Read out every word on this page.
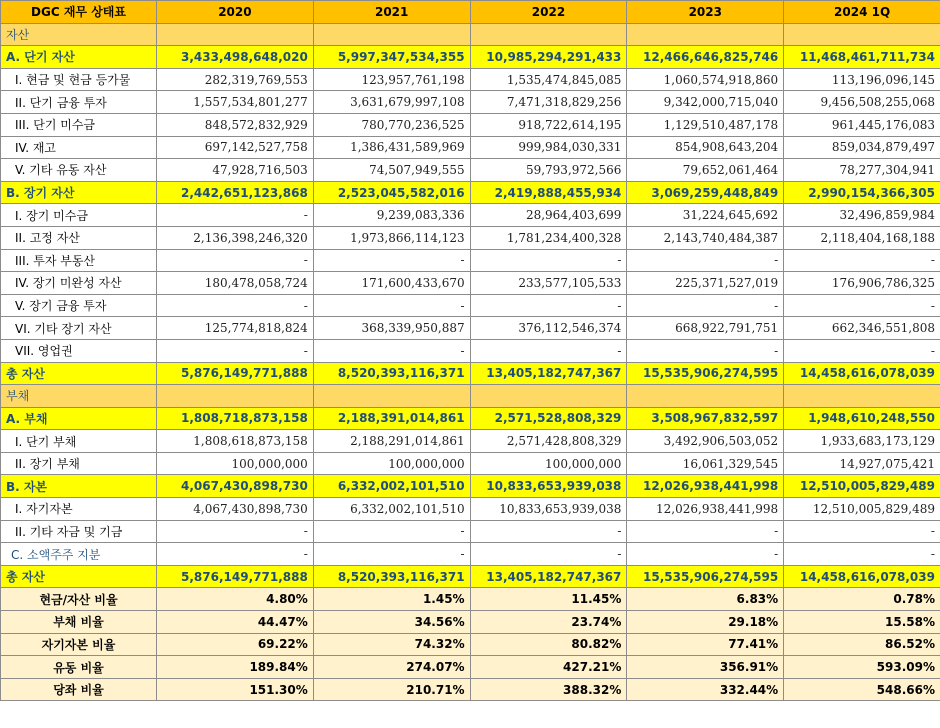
DGC 재무 상태표	2020	2021	2022	2023	2024 1Q
자산					
A. 단기 자산	3,433,498,648,020	5,997,347,534,355	10,985,294,291,433	12,466,646,825,746	11,468,461,711,734
I. 현금 및 현금 등가물	282,319,769,553	123,957,761,198	1,535,474,845,085	1,060,574,918,860	113,196,096,145
II. 단기 금융 투자	1,557,534,801,277	3,631,679,997,108	7,471,318,829,256	9,342,000,715,040	9,456,508,255,068
III. 단기 미수금	848,572,832,929	780,770,236,525	918,722,614,195	1,129,510,487,178	961,445,176,083
IV. 재고	697,142,527,758	1,386,431,589,969	999,984,030,331	854,908,643,204	859,034,879,497
V. 기타 유동 자산	47,928,716,503	74,507,949,555	59,793,972,566	79,652,061,464	78,277,304,941
B. 장기 자산	2,442,651,123,868	2,523,045,582,016	2,419,888,455,934	3,069,259,448,849	2,990,154,366,305
I. 장기 미수금	-	9,239,083,336	28,964,403,699	31,224,645,692	32,496,859,984
II. 고정 자산	2,136,398,246,320	1,973,866,114,123	1,781,234,400,328	2,143,740,484,387	2,118,404,168,188
III. 투자 부동산	-	-	-	-	-
IV. 장기 미완성 자산	180,478,058,724	171,600,433,670	233,577,105,533	225,371,527,019	176,906,786,325
V. 장기 금융 투자	-	-	-	-	-
VI. 기타 장기 자산	125,774,818,824	368,339,950,887	376,112,546,374	668,922,791,751	662,346,551,808
VII. 영업권	-	-	-	-	-
총 자산	5,876,149,771,888	8,520,393,116,371	13,405,182,747,367	15,535,906,274,595	14,458,616,078,039
부채					
A. 부채	1,808,718,873,158	2,188,391,014,861	2,571,528,808,329	3,508,967,832,597	1,948,610,248,550
I. 단기 부채	1,808,618,873,158	2,188,291,014,861	2,571,428,808,329	3,492,906,503,052	1,933,683,173,129
II. 장기 부채	100,000,000	100,000,000	100,000,000	16,061,329,545	14,927,075,421
B. 자본	4,067,430,898,730	6,332,002,101,510	10,833,653,939,038	12,026,938,441,998	12,510,005,829,489
I. 자기자본	4,067,430,898,730	6,332,002,101,510	10,833,653,939,038	12,026,938,441,998	12,510,005,829,489
II. 기타 자금 및 기금	-	-	-	-	-
C. 소액주주 지분	-	-	-	-	-
총 자산	5,876,149,771,888	8,520,393,116,371	13,405,182,747,367	15,535,906,274,595	14,458,616,078,039
현금/자산 비율	4.80%	1.45%	11.45%	6.83%	0.78%
부채 비율	44.47%	34.56%	23.74%	29.18%	15.58%
자기자본 비율	69.22%	74.32%	80.82%	77.41%	86.52%
유동 비율	189.84%	274.07%	427.21%	356.91%	593.09%
당좌 비율	151.30%	210.71%	388.32%	332.44%	548.66%
